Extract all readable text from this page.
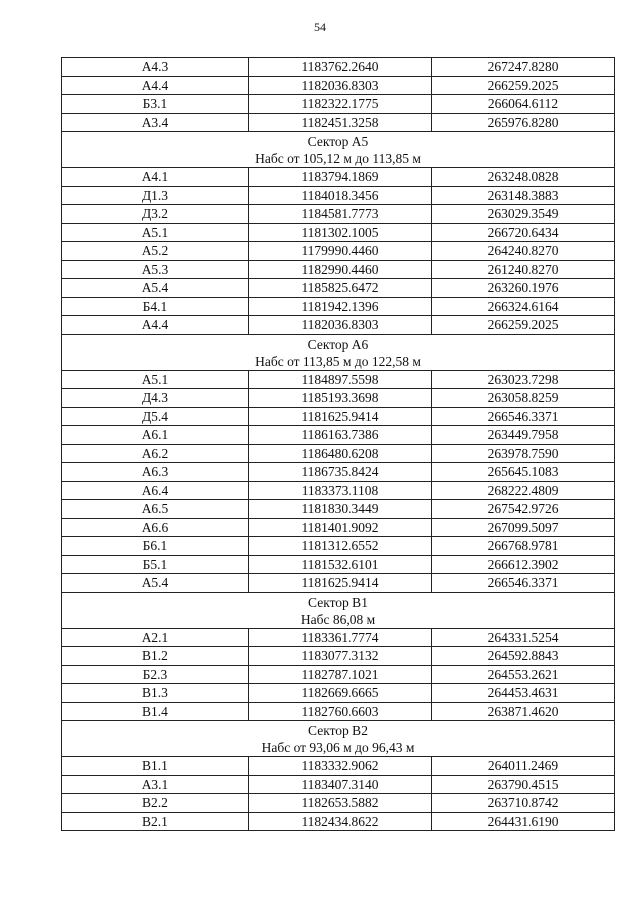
54
А4.3	1183762.2640	267247.8280
А4.4	1182036.8303	266259.2025
Б3.1	1182322.1775	266064.6112
А3.4	1182451.3258	265976.8280

Сектор А5
Набс от 105,12 м до 113,85 м		

А4.1	1183794.1869	263248.0828
Д1.3	1184018.3456	263148.3883
Д3.2	1184581.7773	263029.3549
А5.1	1181302.1005	266720.6434
А5.2	1179990.4460	264240.8270
А5.3	1182990.4460	261240.8270
А5.4	1185825.6472	263260.1976
Б4.1	1181942.1396	266324.6164
А4.4	1182036.8303	266259.2025

Сектор А6
Набс от 113,85 м до 122,58 м		

А5.1	1184897.5598	263023.7298
Д4.3	1185193.3698	263058.8259
Д5.4	1181625.9414	266546.3371
А6.1	1186163.7386	263449.7958
А6.2	1186480.6208	263978.7590
А6.3	1186735.8424	265645.1083
А6.4	1183373.1108	268222.4809
А6.5	1181830.3449	267542.9726
А6.6	1181401.9092	267099.5097
Б6.1	1181312.6552	266768.9781
Б5.1	1181532.6101	266612.3902
А5.4	1181625.9414	266546.3371

Сектор В1
Набс 86,08 м		

А2.1	1183361.7774	264331.5254
В1.2	1183077.3132	264592.8843
Б2.3	1182787.1021	264553.2621
В1.3	1182669.6665	264453.4631
В1.4	1182760.6603	263871.4620

Сектор В2
Набс от 93,06 м до 96,43 м		

В1.1	1183332.9062	264011.2469
А3.1	1183407.3140	263790.4515
В2.2	1182653.5882	263710.8742
В2.1	1182434.8622	264431.6190
